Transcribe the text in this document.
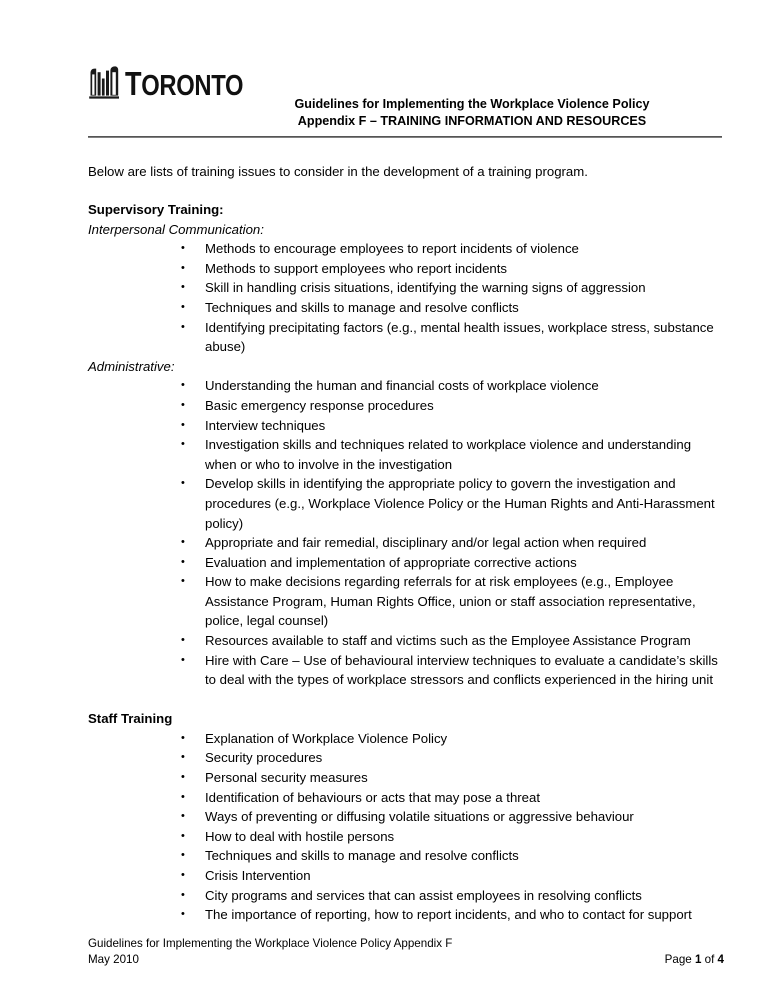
TORONTO
Guidelines for Implementing the Workplace Violence Policy
Appendix F – TRAINING INFORMATION AND RESOURCES

Below are lists of training issues to consider in the development of a training program.

Supervisory Training:

Interpersonal Communication:

• Methods to encourage employees to report incidents of violence
• Methods to support employees who report incidents
• Skill in handling crisis situations, identifying the warning signs of aggression
• Techniques and skills to manage and resolve conflicts
• Identifying precipitating factors (e.g., mental health issues, workplace stress, substance abuse)

Administrative:

• Understanding the human and financial costs of workplace violence
• Basic emergency response procedures
• Interview techniques
• Investigation skills and techniques related to workplace violence and understanding when or who to involve in the investigation
• Develop skills in identifying the appropriate policy to govern the investigation and procedures (e.g., Workplace Violence Policy or the Human Rights and Anti-Harassment policy)
• Appropriate and fair remedial, disciplinary and/or legal action when required
• Evaluation and implementation of appropriate corrective actions
• How to make decisions regarding referrals for at risk employees (e.g., Employee Assistance Program, Human Rights Office, union or staff association representative, police, legal counsel)
• Resources available to staff and victims such as the Employee Assistance Program
• Hire with Care – Use of behavioural interview techniques to evaluate a candidate’s skills to deal with the types of workplace stressors and conflicts experienced in the hiring unit

Staff Training

• Explanation of Workplace Violence Policy
• Security procedures
• Personal security measures
• Identification of behaviours or acts that may pose a threat
• Ways of preventing or diffusing volatile situations or aggressive behaviour
• How to deal with hostile persons
• Techniques and skills to manage and resolve conflicts
• Crisis Intervention
• City programs and services that can assist employees in resolving conflicts
• The importance of reporting, how to report incidents, and who to contact for support
Guidelines for Implementing the Workplace Violence Policy Appendix F
May 2010	Page 1 of 4
